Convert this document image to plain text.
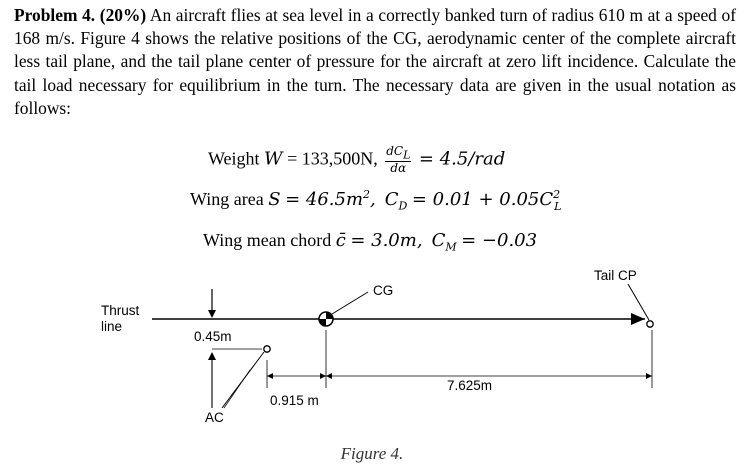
Problem 4. (20%) An aircraft flies at sea level in a correctly banked turn of radius 610 m at a speed of 168 m/s. Figure 4 shows the relative positions of the CG, aerodynamic center of the complete aircraft less tail plane, and the tail plane center of pressure for the aircraft at zero lift incidence. Calculate the tail load necessary for equilibrium in the turn. The necessary data are given in the usual notation as follows:
Weight W = 133,500N, $\frac{dC_L}{d\alpha} = 4.5/rad$
Wing area $S = 46.5m^2$, $C_D = 0.01 + 0.05C^2_L$
Wing mean chord c̄ = 3.0m, $C_M = -0.03$
Thrust
line
CG
Tail CP
0.45m
0.915 m
7.625m
AC
Figure 4.
